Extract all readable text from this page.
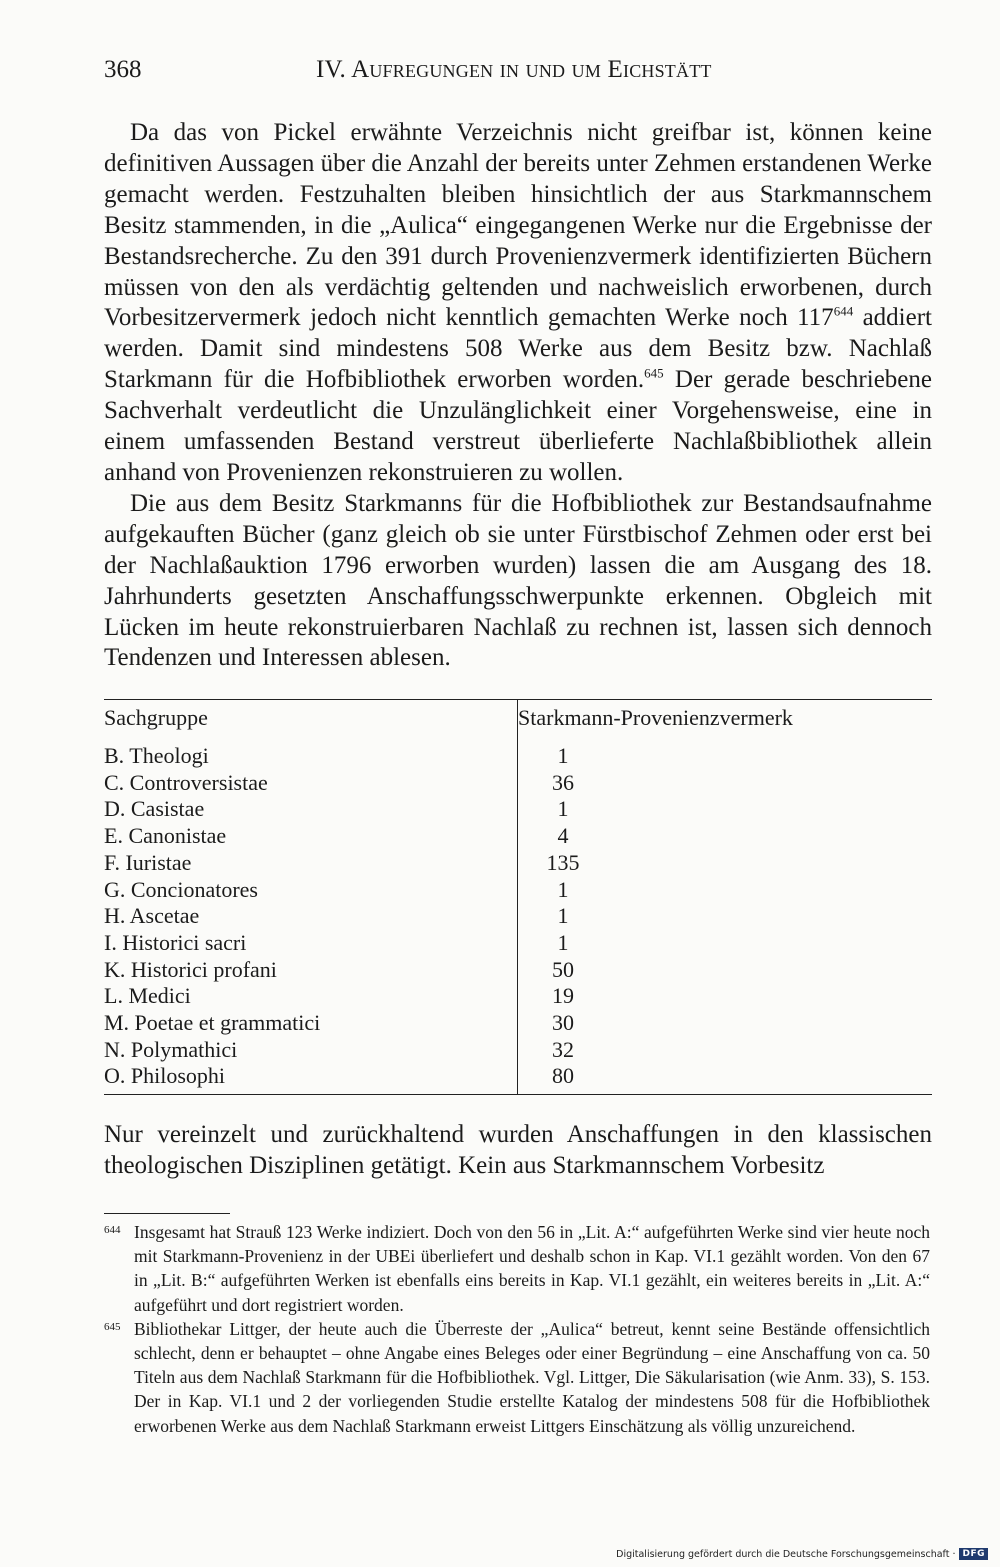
368	IV. Aufregungen in und um Eichstätt

Da das von Pickel erwähnte Verzeichnis nicht greifbar ist, können keine definitiven Aussagen über die Anzahl der bereits unter Zehmen erstandenen Werke gemacht werden. Festzuhalten bleiben hinsichtlich der aus Starkmannschem Besitz stammenden, in die „Aulica“ eingegangenen Werke nur die Ergebnisse der Bestandsrecherche. Zu den 391 durch Provenienzvermerk identifizierten Büchern müssen von den als verdächtig geltenden und nachweislich erworbenen, durch Vorbesitzervermerk jedoch nicht kenntlich gemachten Werke noch $117^{644}$ addiert werden. Damit sind mindestens 508 Werke aus dem Besitz bzw. Nachlaß Starkmann für die Hofbibliothek erworben worden.$^{645}$ Der gerade beschriebene Sachverhalt verdeutlicht die Unzulänglichkeit einer Vorgehensweise, eine in einem umfassenden Bestand verstreut überlieferte Nachlaßbibliothek allein anhand von Provenienzen rekonstruieren zu wollen.

Die aus dem Besitz Starkmanns für die Hofbibliothek zur Bestandsaufnahme aufgekauften Bücher (ganz gleich ob sie unter Fürstbischof Zehmen oder erst bei der Nachlaßauktion 1796 erworben wurden) lassen die am Ausgang des 18. Jahrhunderts gesetzten Anschaffungsschwerpunkte erkennen. Obgleich mit Lücken im heute rekonstruierbaren Nachlaß zu rechnen ist, lassen sich dennoch Tendenzen und Interessen ablesen.

Sachgruppe	Starkmann-Provenienzvermerk	
B. Theologi	1	
C. Controversistae	36	
D. Casistae	1	
E. Canonistae	4	
F. Iuristae	135	
G. Concionatores	1	
H. Ascetae	1	
I. Historici sacri	1	
K. Historici profani	50	
L. Medici	19	
M. Poetae et grammatici	30	
N. Polymathici	32	
O. Philosophi	80	

Nur vereinzelt und zurückhaltend wurden Anschaffungen in den klassischen theologischen Disziplinen getätigt. Kein aus Starkmannschem Vorbesitz

644 Insgesamt hat Strauß 123 Werke indiziert. Doch von den 56 in „Lit. A:“ aufgeführten Werke sind vier heute noch mit Starkmann-Provenienz in der UBEi überliefert und deshalb schon in Kap. VI.1 gezählt worden. Von den 67 in „Lit. B:“ aufgeführten Werken ist ebenfalls eins bereits in Kap. VI.1 gezählt, ein weiteres bereits in „Lit. A:“ aufgeführt und dort registriert worden.

645 Bibliothekar Littger, der heute auch die Überreste der „Aulica“ betreut, kennt seine Bestände offensichtlich schlecht, denn er behauptet – ohne Angabe eines Beleges oder einer Begründung – eine Anschaffung von ca. 50 Titeln aus dem Nachlaß Starkmann für die Hofbibliothek. Vgl. Littger, Die Säkularisation (wie Anm. 33), S. 153. Der in Kap. VI.1 und 2 der vorliegenden Studie erstellte Katalog der mindestens 508 für die Hofbibliothek erworbenen Werke aus dem Nachlaß Starkmann erweist Littgers Einschätzung als völlig unzureichend.

Digitalisierung gefördert durch die Deutsche Forschungsgemeinschaft · DFG
